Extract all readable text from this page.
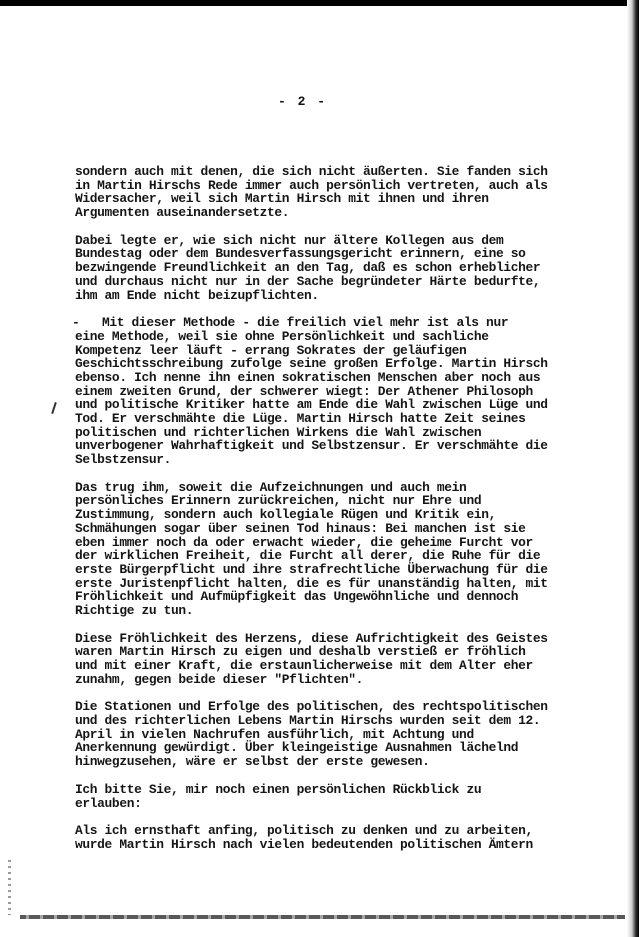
- 2 -
sondern auch mit denen, die sich nicht äußerten. Sie fanden sich
in Martin Hirschs Rede immer auch persönlich vertreten, auch als
Widersacher, weil sich Martin Hirsch mit ihnen und ihren
Argumenten auseinandersetzte.
Dabei legte er, wie sich nicht nur ältere Kollegen aus dem
Bundestag oder dem Bundesverfassungsgericht erinnern, eine so
bezwingende Freundlichkeit an den Tag, daß es schon erheblicher
und durchaus nicht nur in der Sache begründeter Härte bedurfte,
ihm am Ende nicht beizupflichten.
- Mit dieser Methode - die freilich viel mehr ist als nur
eine Methode, weil sie ohne Persönlichkeit und sachliche
Kompetenz leer läuft - errang Sokrates der geläufigen
Geschichtsschreibung zufolge seine großen Erfolge. Martin Hirsch
ebenso. Ich nenne ihn einen sokratischen Menschen aber noch aus
einem zweiten Grund, der schwerer wiegt: Der Athener Philosoph
und politische Kritiker hatte am Ende die Wahl zwischen Lüge und
Tod. Er verschmähte die Lüge. Martin Hirsch hatte Zeit seines
politischen und richterlichen Wirkens die Wahl zwischen
unverbogener Wahrhaftigkeit und Selbstzensur. Er verschmähte die
Selbstzensur.
Das trug ihm, soweit die Aufzeichnungen und auch mein
persönliches Erinnern zurückreichen, nicht nur Ehre und
Zustimmung, sondern auch kollegiale Rügen und Kritik ein,
Schmähungen sogar über seinen Tod hinaus: Bei manchen ist sie
eben immer noch da oder erwacht wieder, die geheime Furcht vor
der wirklichen Freiheit, die Furcht all derer, die Ruhe für die
erste Bürgerpflicht und ihre strafrechtliche Überwachung für die
erste Juristenpflicht halten, die es für unanständig halten, mit
Fröhlichkeit und Aufmüpfigkeit das Ungewöhnliche und dennoch
Richtige zu tun.
Diese Fröhlichkeit des Herzens, diese Aufrichtigkeit des Geistes
waren Martin Hirsch zu eigen und deshalb verstieß er fröhlich
und mit einer Kraft, die erstaunlicherweise mit dem Alter eher
zunahm, gegen beide dieser "Pflichten".
Die Stationen und Erfolge des politischen, des rechtspolitischen
und des richterlichen Lebens Martin Hirschs wurden seit dem 12.
April in vielen Nachrufen ausführlich, mit Achtung und
Anerkennung gewürdigt. Über kleingeistige Ausnahmen lächelnd
hinwegzusehen, wäre er selbst der erste gewesen.
Ich bitte Sie, mir noch einen persönlichen Rückblick zu
erlauben:
Als ich ernsthaft anfing, politisch zu denken und zu arbeiten,
wurde Martin Hirsch nach vielen bedeutenden politischen Ämtern
